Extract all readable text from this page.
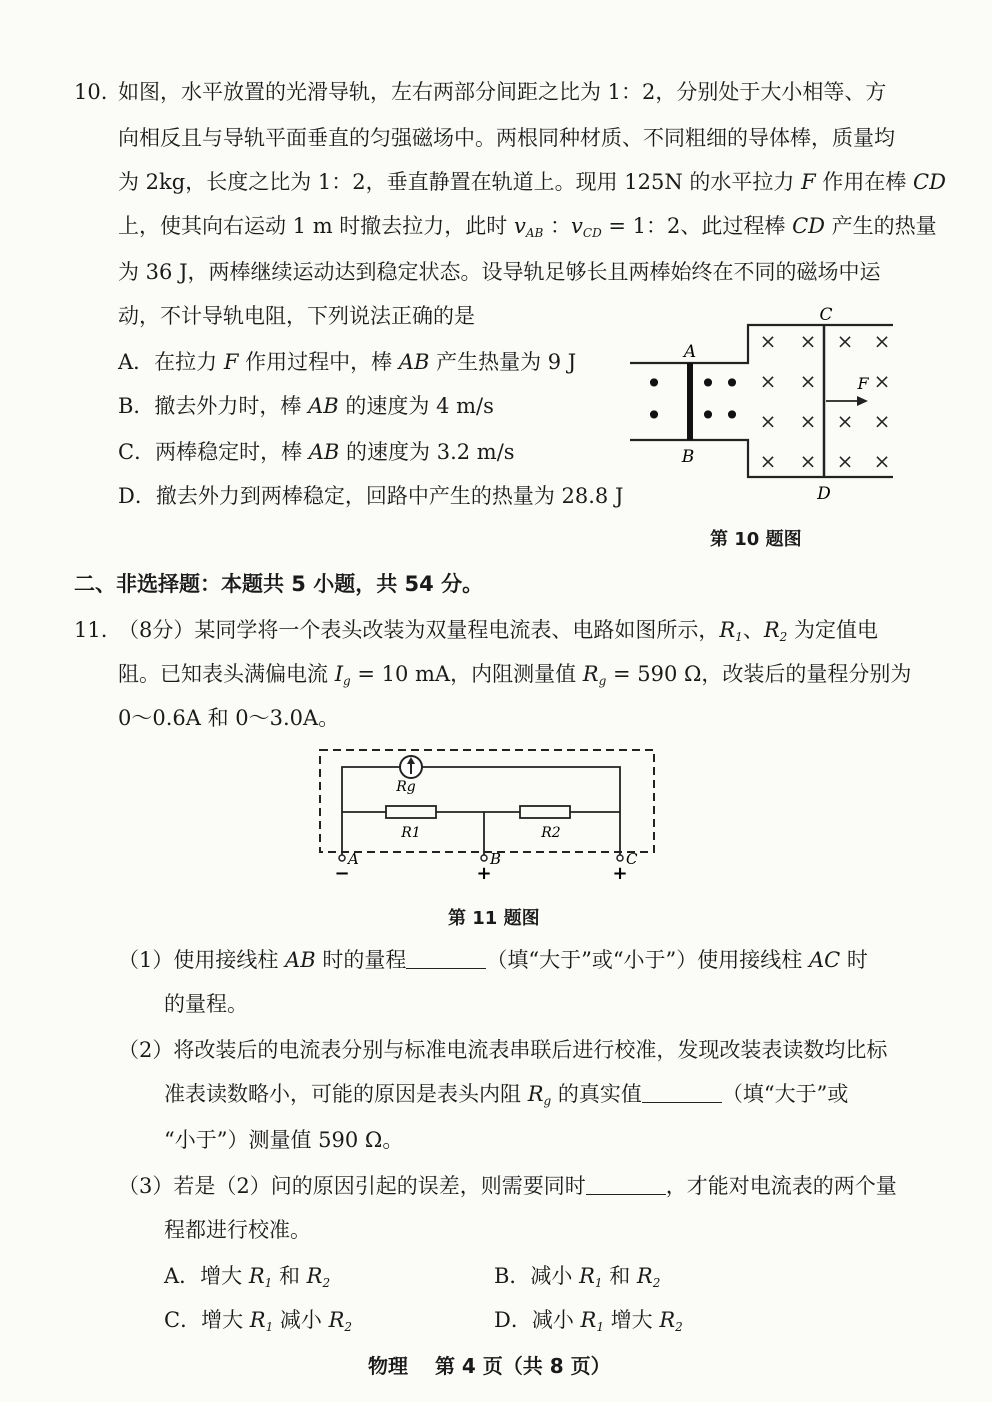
10. 如图，水平放置的光滑导轨，左右两部分间距之比为 1：2，分别处于大小相等、方
向相反且与导轨平面垂直的匀强磁场中。两根同种材质、不同粗细的导体棒，质量均
为 2kg，长度之比为 1：2，垂直静置在轨道上。现用 125N 的水平拉力 F 作用在棒 CD
上，使其向右运动 1 m 时撤去拉力，此时 $v_{AB}$ ：$v_{CD} = 1$：2、此过程棒 CD 产生的热量
为 36 J，两棒继续运动达到稳定状态。设导轨足够长且两棒始终在不同的磁场中运
动，不计导轨电阻，下列说法正确的是
A．在拉力 F 作用过程中，棒 AB 产生热量为 9 J
B．撤去外力时，棒 AB 的速度为 4 m/s
C．两棒稳定时，棒 AB 的速度为 3.2 m/s
D．撤去外力到两棒稳定，回路中产生的热量为 28.8 J
• • •
• • •
× × × ×
× ×	×
× × × ×
× × × ×
A
B
C
D
F
第 10 题图
二、非选择题：本题共 5 小题，共 54 分。
11. （8分）某同学将一个表头改装为双量程电流表、电路如图所示，$R_1$、$R_2$ 为定值电
阻。已知表头满偏电流 $I_g = 10$ mA，内阻测量值 $R_g = 590$ Ω，改装后的量程分别为
0～0.6A 和 0～3.0A。
Rg
R1	R2
A	B	C
−	+	+
第 11 题图
（1）使用接线柱 AB 时的量程	（填“大于”或“小于”）使用接线柱 AC 时
的量程。
（2）将改装后的电流表分别与标准电流表串联后进行校准，发现改装表读数均比标
准表读数略小，可能的原因是表头内阻 $R_g$ 的真实值	（填“大于”或
“小于”）测量值 590 Ω。
（3）若是（2）问的原因引起的误差，则需要同时	，才能对电流表的两个量
程都进行校准。
A．增大 $R_1$ 和 $R_2$	B．减小 $R_1$ 和 $R_2$
C．增大 $R_1$ 减小 $R_2$	D．减小 $R_1$ 增大 $R_2$
物理　 第 4 页（共 8 页）
